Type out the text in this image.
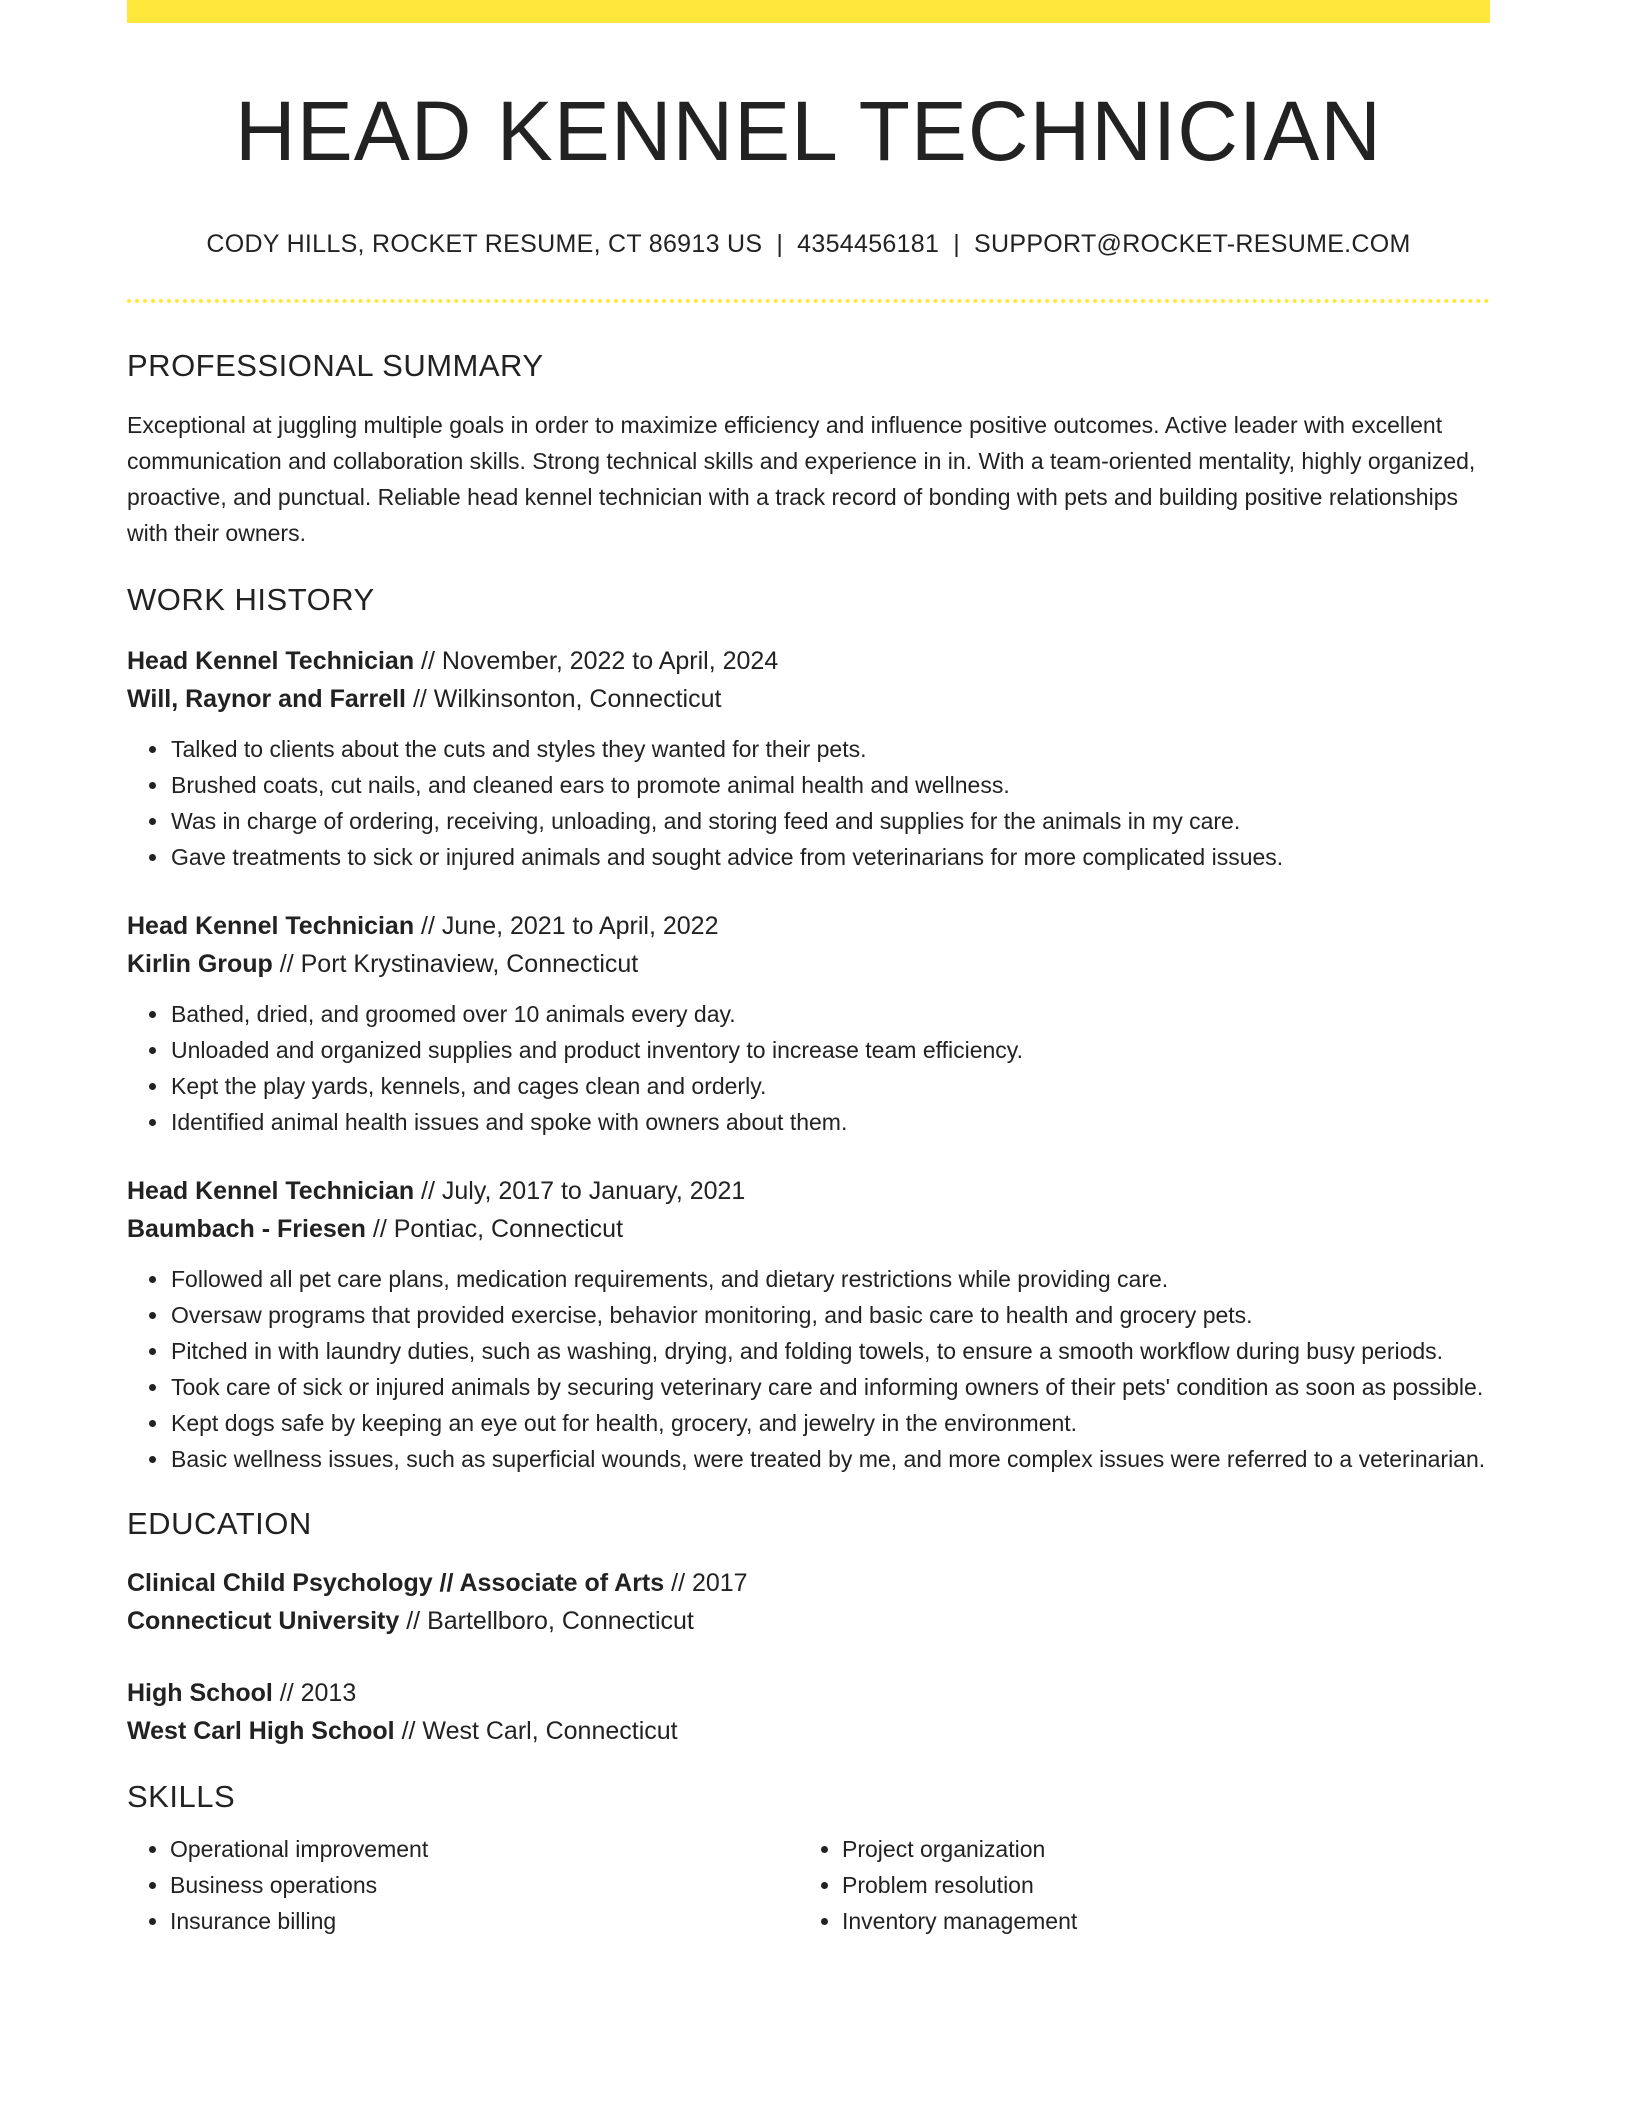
HEAD KENNEL TECHNICIAN
CODY HILLS, ROCKET RESUME, CT 86913 US | 4354456181 | SUPPORT@ROCKET-RESUME.COM
PROFESSIONAL SUMMARY

Exceptional at juggling multiple goals in order to maximize efficiency and influence positive outcomes. Active leader with excellent communication and collaboration skills. Strong technical skills and experience in in. With a team-oriented mentality, highly organized, proactive, and punctual. Reliable head kennel technician with a track record of bonding with pets and building positive relationships with their owners.

WORK HISTORY
Head Kennel Technician // November, 2022 to April, 2024
Will, Raynor and Farrell // Wilkinsonton, Connecticut
• Talked to clients about the cuts and styles they wanted for their pets.
• Brushed coats, cut nails, and cleaned ears to promote animal health and wellness.
• Was in charge of ordering, receiving, unloading, and storing feed and supplies for the animals in my care.
• Gave treatments to sick or injured animals and sought advice from veterinarians for more complicated issues.
Head Kennel Technician // June, 2021 to April, 2022
Kirlin Group // Port Krystinaview, Connecticut
• Bathed, dried, and groomed over 10 animals every day.
• Unloaded and organized supplies and product inventory to increase team efficiency.
• Kept the play yards, kennels, and cages clean and orderly.
• Identified animal health issues and spoke with owners about them.
Head Kennel Technician // July, 2017 to January, 2021
Baumbach - Friesen // Pontiac, Connecticut
• Followed all pet care plans, medication requirements, and dietary restrictions while providing care.
• Oversaw programs that provided exercise, behavior monitoring, and basic care to health and grocery pets.
• Pitched in with laundry duties, such as washing, drying, and folding towels, to ensure a smooth workflow during busy periods.
• Took care of sick or injured animals by securing veterinary care and informing owners of their pets' condition as soon as possible.
• Kept dogs safe by keeping an eye out for health, grocery, and jewelry in the environment.
• Basic wellness issues, such as superficial wounds, were treated by me, and more complex issues were referred to a veterinarian.
EDUCATION
Clinical Child Psychology // Associate of Arts // 2017
Connecticut University // Bartellboro, Connecticut
High School // 2013
West Carl High School // West Carl, Connecticut
SKILLS
• Operational improvement
• Business operations
• Insurance billing
• Project organization
• Problem resolution
• Inventory management
